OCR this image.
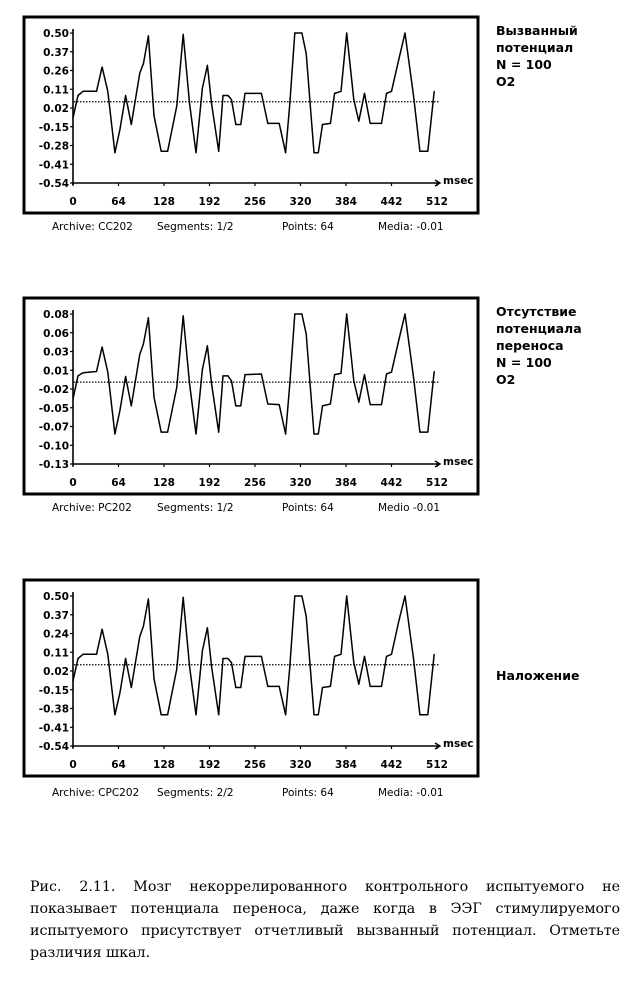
-0.54
-0.41
-0.28
-0.15
0.02
0.11
0.26
0.37
0.50
0	64	128 192 256 320 384 442 512
msec
Archive: CC202 Segments: 1/2	Points: 64	Media: -0.01
Вызванный
потенциал
N = 100
O2
-0.13
-0.10
-0.07
-0.05
-0.02
0.01
0.03
0.06
0.08
0	64	128 192 256 320 384 442 512
msec
Archive: PC202 Segments: 1/2	Points: 64	Medio -0.01
Отсутствие
потенциала
переноса
N = 100
O2
-0.54
-0.41
-0.38
-0.15
0.02
0.11
0.24
0.37
0.50
0	64	128 192 256 320 384 442 512
msec
Archive: CPC202 Segments: 2/2	Points: 64	Media: -0.01
Наложение
Рис. 2.11. Мозг некоррелированного контрольного испытуемого не показывает потенциала переноса, даже когда в ЭЭГ стимулируемого испытуемого присутствует отчетливый вызванный потенциал. Отметьте различия шкал.
